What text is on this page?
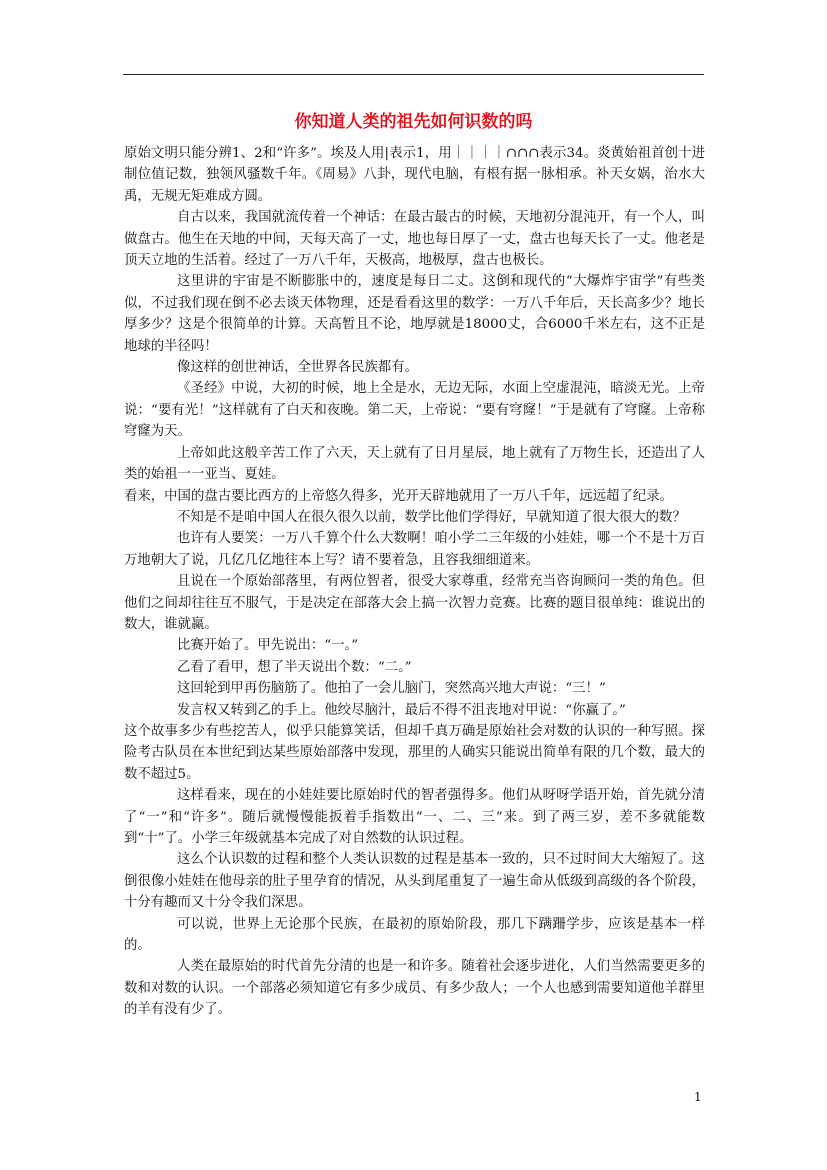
你知道人类的祖先如何识数的吗

原始文明只能分辨1、2和“许多”。埃及人用|表示1，用｜｜｜｜∩∩∩表示34。炎黄始祖首创十进制位值记数，独领风骚数千年。《周易》八卦，现代电脑，有根有据一脉相承。补天女娲，治水大禹，无规无矩难成方圆。

自古以来，我国就流传着一个神话：在最古最古的时候，天地初分混沌开，有一个人，叫做盘古。他生在天地的中间，天每天高了一丈，地也每日厚了一丈，盘古也每天长了一丈。他老是顶天立地的生活着。经过了一万八千年，天极高，地极厚，盘古也极长。

这里讲的宇宙是不断膨胀中的，速度是每日二丈。这倒和现代的“大爆炸宇宙学”有些类似，不过我们现在倒不必去谈天体物理，还是看看这里的数学：一万八千年后，天长高多少？地长厚多少？这是个很简单的计算。天高暂且不论，地厚就是18000丈，合6000千米左右，这不正是地球的半径吗！

像这样的创世神话，全世界各民族都有。

《圣经》中说，大初的时候，地上全是水，无边无际，水面上空虚混沌，暗淡无光。上帝说：“要有光！”这样就有了白天和夜晚。第二天，上帝说：“要有穹窿！”于是就有了穹窿。上帝称穹窿为天。

上帝如此这般辛苦工作了六天，天上就有了日月星辰，地上就有了万物生长，还造出了人类的始祖一一亚当、夏娃。

看来，中国的盘古要比西方的上帝悠久得多，光开天辟地就用了一万八千年，远远超了纪录。

不知是不是咱中国人在很久很久以前，数学比他们学得好，早就知道了很大很大的数？

也许有人要笑：一万八千算个什么大数啊！咱小学二三年级的小娃娃，哪一个不是十万百万地朝大了说，几亿几亿地往本上写？请不要着急，且容我细细道来。

且说在一个原始部落里，有两位智者，很受大家尊重，经常充当咨询顾问一类的角色。但他们之间却往往互不服气，于是决定在部落大会上搞一次智力竞赛。比赛的题目很单纯：谁说出的数大，谁就赢。

比赛开始了。甲先说出：“一。”

乙看了看甲，想了半天说出个数：“二。”

这回轮到甲再伤脑筋了。他拍了一会儿脑门，突然高兴地大声说：“三！”

发言权又转到乙的手上。他绞尽脑汁，最后不得不沮丧地对甲说：“你赢了。”

这个故事多少有些挖苦人，似乎只能算笑话，但却千真万确是原始社会对数的认识的一种写照。探险考古队员在本世纪到达某些原始部落中发现，那里的人确实只能说出简单有限的几个数，最大的数不超过5。

这样看来，现在的小娃娃要比原始时代的智者强得多。他们从呀呀学语开始，首先就分清了“一”和“许多”。随后就慢慢能扳着手指数出“一、二、三”来。到了两三岁，差不多就能数到“十”了。小学三年级就基本完成了对自然数的认识过程。

这么个认识数的过程和整个人类认识数的过程是基本一致的，只不过时间大大缩短了。这倒很像小娃娃在他母亲的肚子里孕育的情况，从头到尾重复了一遍生命从低级到高级的各个阶段，十分有趣而又十分令我们深思。

可以说，世界上无论那个民族，在最初的原始阶段，那几下蹒跚学步，应该是基本一样的。

人类在最原始的时代首先分清的也是一和许多。随着社会逐步进化，人们当然需要更多的数和对数的认识。一个部落必须知道它有多少成员、有多少敌人；一个人也感到需要知道他羊群里的羊有没有少了。

1
